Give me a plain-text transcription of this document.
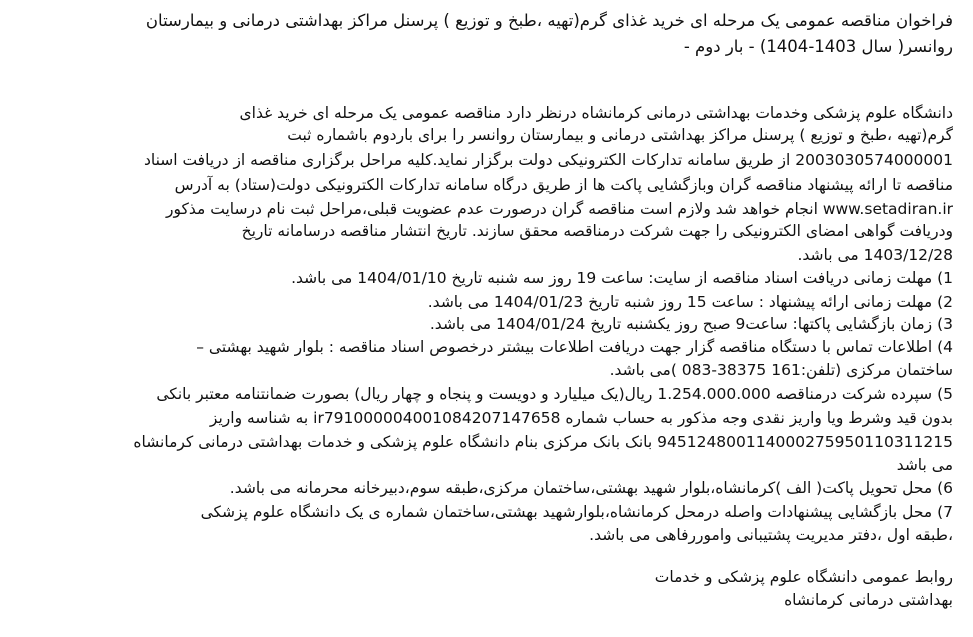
فراخوان مناقصه عمومی یک مرحله ای خرید غذای گرم(تهیه ،طبخ و توزیع ) پرسنل مراکز بهداشتی درمانی و بیمارستان
روانسر( سال 1403-1404) - بار دوم -
دانشگاه علوم پزشکی وخدمات بهداشتی درمانی کرمانشاه درنظر دارد مناقصه عمومی یک مرحله ای خرید غذای
گرم(تهیه ،طبخ و توزیع ) پرسنل مراکز بهداشتی درمانی و بیمارستان روانسر را برای باردوم باشماره ثبت
2003030574000001 از طریق سامانه تدارکات الکترونیکی دولت برگزار نماید.کلیه مراحل برگزاری مناقصه از دریافت اسناد
مناقصه تا ارائه پیشنهاد مناقصه گران وبازگشایی پاکت ها از طریق درگاه سامانه تدارکات الکترونیکی دولت(ستاد) به آدرس
www.setadiran.ir انجام خواهد شد ولازم است مناقصه گران درصورت عدم عضویت قبلی،مراحل ثبت نام درسایت مذکور
ودریافت گواهی امضای الکترونیکی را جهت شرکت درمناقصه محقق سازند. تاریخ انتشار مناقصه درسامانه تاریخ
1403/12/28 می باشد.
1) مهلت زمانی دریافت اسناد مناقصه از سایت: ساعت 19 روز سه شنبه تاریخ 1404/01/10 می باشد.
2) مهلت زمانی ارائه پیشنهاد : ساعت 15 روز شنبه تاریخ 1404/01/23 می باشد.
3) زمان بازگشایی پاکتها: ساعت9 صبح روز یکشنبه تاریخ 1404/01/24 می باشد.
4) اطلاعات تماس با دستگاه مناقصه گزار جهت دریافت اطلاعات بیشتر درخصوص اسناد مناقصه : بلوار شهید بهشتی –
ساختمان مرکزی (تلفن:161 38375-083 )می باشد.
5) سپرده شرکت درمناقصه 1.254.000.000 ریال(یک میلیارد و دویست و پنجاه و چهار ریال) بصورت ضمانتنامه معتبر بانکی
بدون قید وشرط ویا واریز نقدی وجه مذکور به حساب شماره ir791000004001084207147658 به شناسه واریز
945124800114000275950110311215 بانک بانک مرکزی بنام دانشگاه علوم پزشکی و خدمات بهداشتی درمانی کرمانشاه
می باشد
6) محل تحویل پاکت( الف )کرمانشاه،بلوار شهید بهشتی،ساختمان مرکزی،طبقه سوم،دبیرخانه محرمانه می باشد.
7) محل بازگشایی پیشنهادات واصله درمحل کرمانشاه،بلوارشهید بهشتی،ساختمان شماره ی یک دانشگاه علوم پزشکی
،طبقه اول ،دفتر مدیریت پشتیبانی واموررفاهی می باشد.
روابط عمومی دانشگاه علوم پزشکی و خدمات
بهداشتی درمانی کرمانشاه
